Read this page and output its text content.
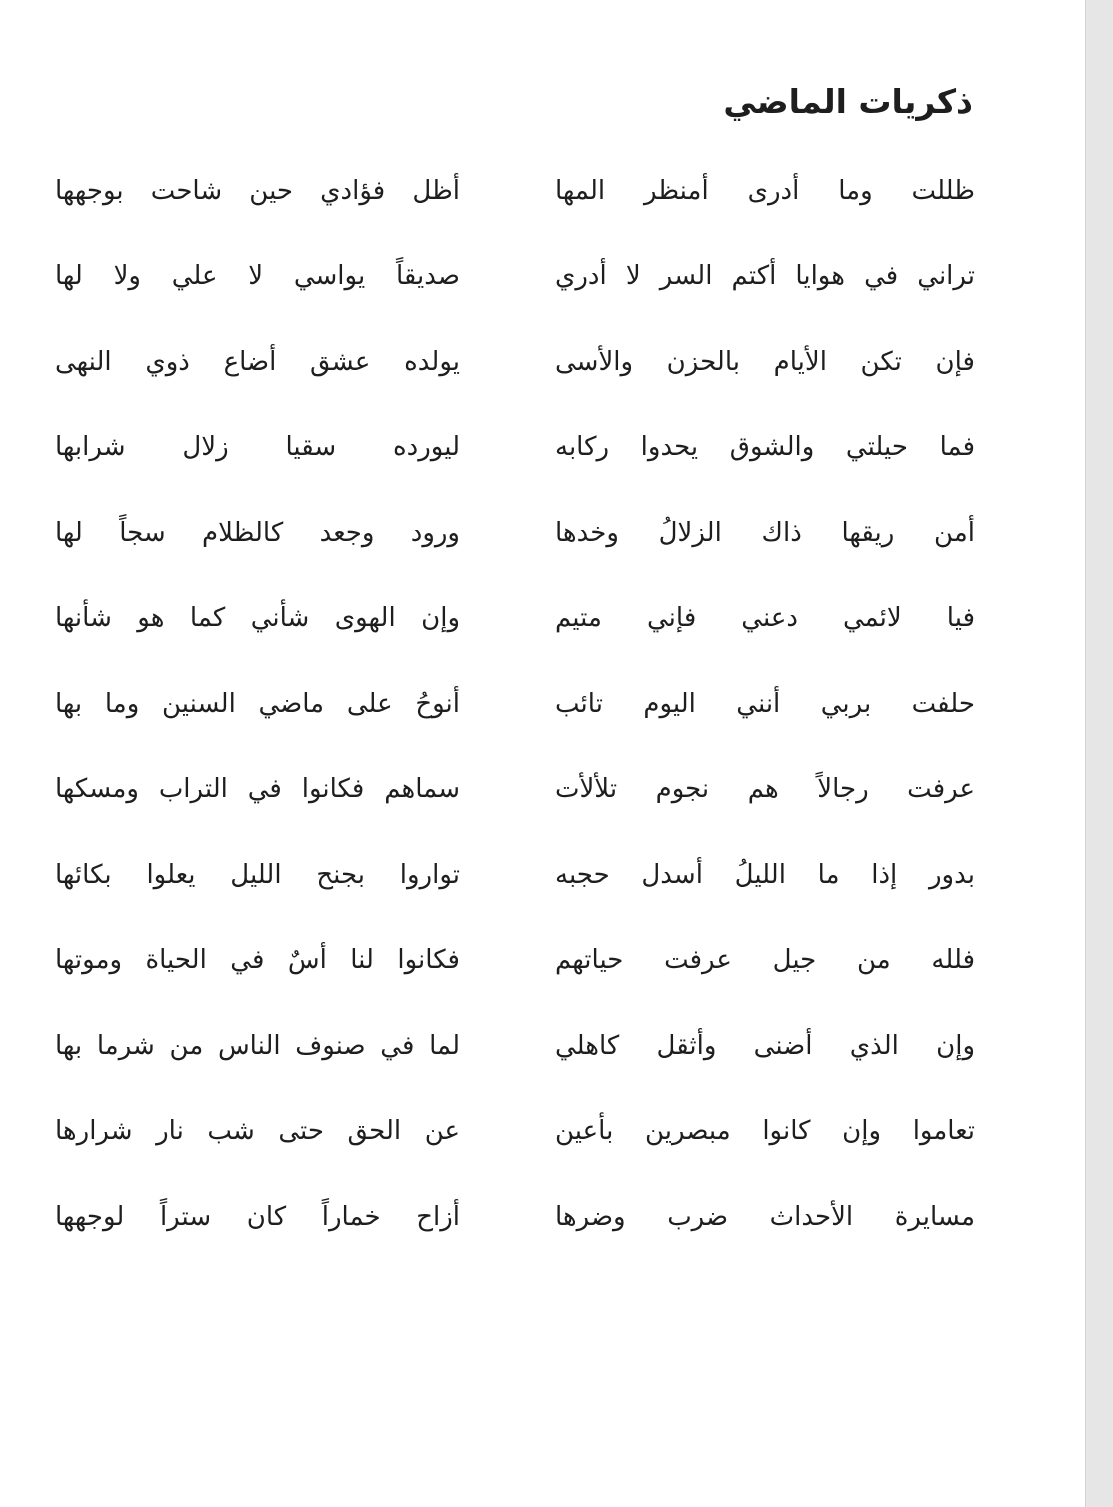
ذكريات الماضي
ظللت وما أدرى أمنظر المها
أظل فؤادي حين شاحت بوجهها
تراني في هوايا أكتم السر لا أدري
صديقاً يواسي لا علي ولا لها
فإن تكن الأيام بالحزن والأسى
يولده عشق أضاع ذوي النهى
فما حيلتي والشوق يحدوا ركابه
ليورده سقيا زلال شرابها
أمن ريقها ذاك الزلالُ وخدها
ورود وجعد كالظلام سجاً لها
فيا لائمي دعني فإني متيم
وإن الهوى شأني كما هو شأنها
حلفت بربي أنني اليوم تائب
أنوحُ على ماضي السنين وما بها
عرفت رجالاً هم نجوم تلألأت
سماهم فكانوا في التراب ومسكها
بدور إذا ما الليلُ أسدل حجبه
تواروا بجنح الليل يعلوا بكائها
فلله من جيل عرفت حياتهم
فكانوا لنا أسٌ في الحياة وموتها
وإن الذي أضنى وأثقل كاهلي
لما في صنوف الناس من شرما بها
تعاموا وإن كانوا مبصرين بأعين
عن الحق حتى شب نار شرارها
مسايرة الأحداث ضرب وضرها
أزاح خماراً كان ستراً لوجهها
